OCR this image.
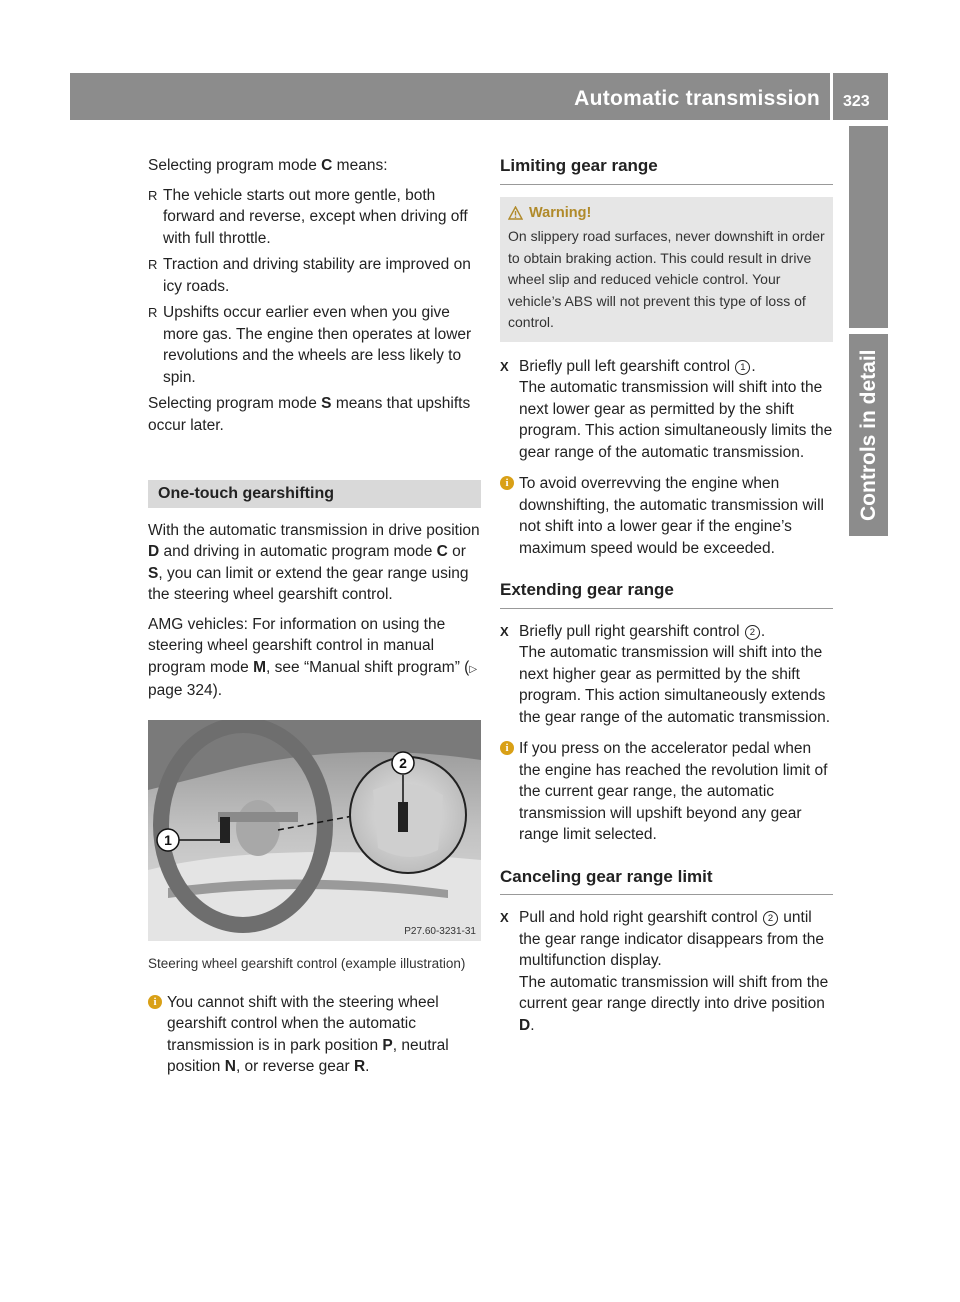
Automatic transmission 323
Controls in detail

Selecting program mode C means:

R The vehicle starts out more gentle, both forward and reverse, except when driving off with full throttle.
R Traction and driving stability are improved on icy roads.
R Upshifts occur earlier even when you give more gas. The engine then operates at lower revolutions and the wheels are less likely to spin.

Selecting program mode S means that upshifts occur later.

One-touch gearshifting

With the automatic transmission in drive position D and driving in automatic program mode C or S, you can limit or extend the gear range using the steering wheel gearshift control.

AMG vehicles: For information on using the steering wheel gearshift control in manual program mode M, see “Manual shift program” (▷ page 324).

1
2
P27.60-3231-31

Steering wheel gearshift control (example illustration)

i You cannot shift with the steering wheel gearshift control when the automatic transmission is in park position P, neutral position N, or reverse gear R.
Limiting gear range
Warning!
On slippery road surfaces, never downshift in order to obtain braking action. This could result in drive wheel slip and reduced vehicle control. Your vehicle’s ABS will not prevent this type of loss of control.
X Briefly pull left gearshift control 1 .
The automatic transmission will shift into the next lower gear as permitted by the shift program. This action simultaneously limits the gear range of the automatic transmission.
i To avoid overrevving the engine when downshifting, the automatic transmission will not shift into a lower gear if the engine’s maximum speed would be exceeded.
Extending gear range
X Briefly pull right gearshift control 2 .
The automatic transmission will shift into the next higher gear as permitted by the shift program. This action simultaneously extends the gear range of the automatic transmission.
i If you press on the accelerator pedal when the engine has reached the revolution limit of the current gear range, the automatic transmission will upshift beyond any gear range limit selected.
Canceling gear range limit
X Pull and hold right gearshift control 2 until the gear range indicator disappears from the multifunction display.
The automatic transmission will shift from the current gear range directly into drive position D.
